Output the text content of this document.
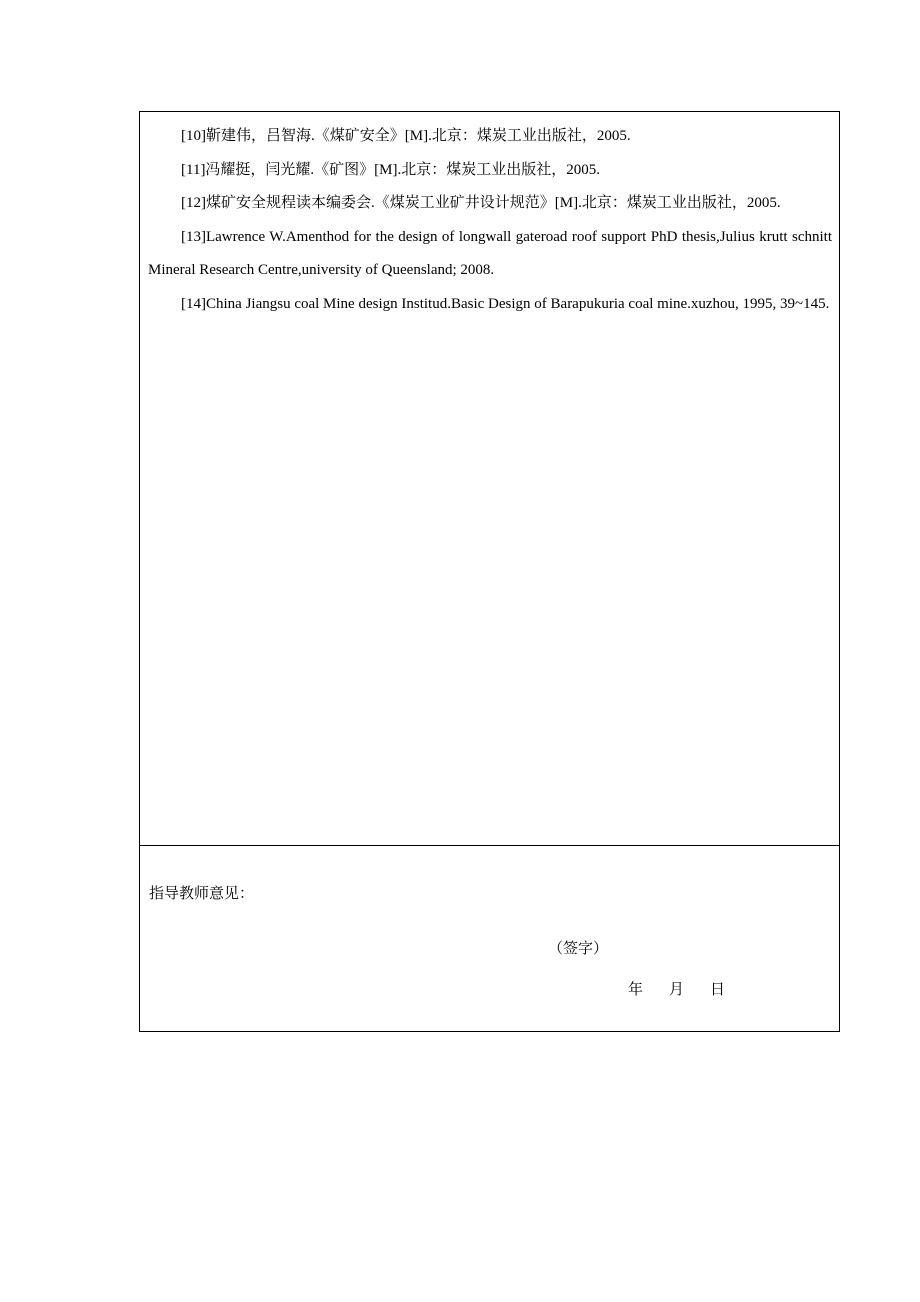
[10]靳建伟，吕智海.《煤矿安全》[M].北京：煤炭工业出版社，2005.

[11]冯耀挺，闫光耀.《矿图》[M].北京：煤炭工业出版社，2005.

[12]煤矿安全规程读本编委会.《煤炭工业矿井设计规范》[M].北京：煤炭工业出版社，2005.

[13]Lawrence W.Amenthod for the design of longwall gateroad roof support PhD thesis,Julius krutt schnitt Mineral Research Centre,university of Queensland; 2008.

[14]China Jiangsu coal Mine design Institud.Basic Design of Barapukuria coal mine.xuzhou, 1995, 39~145.

指导教师意见：

（签字）

年 月 日
